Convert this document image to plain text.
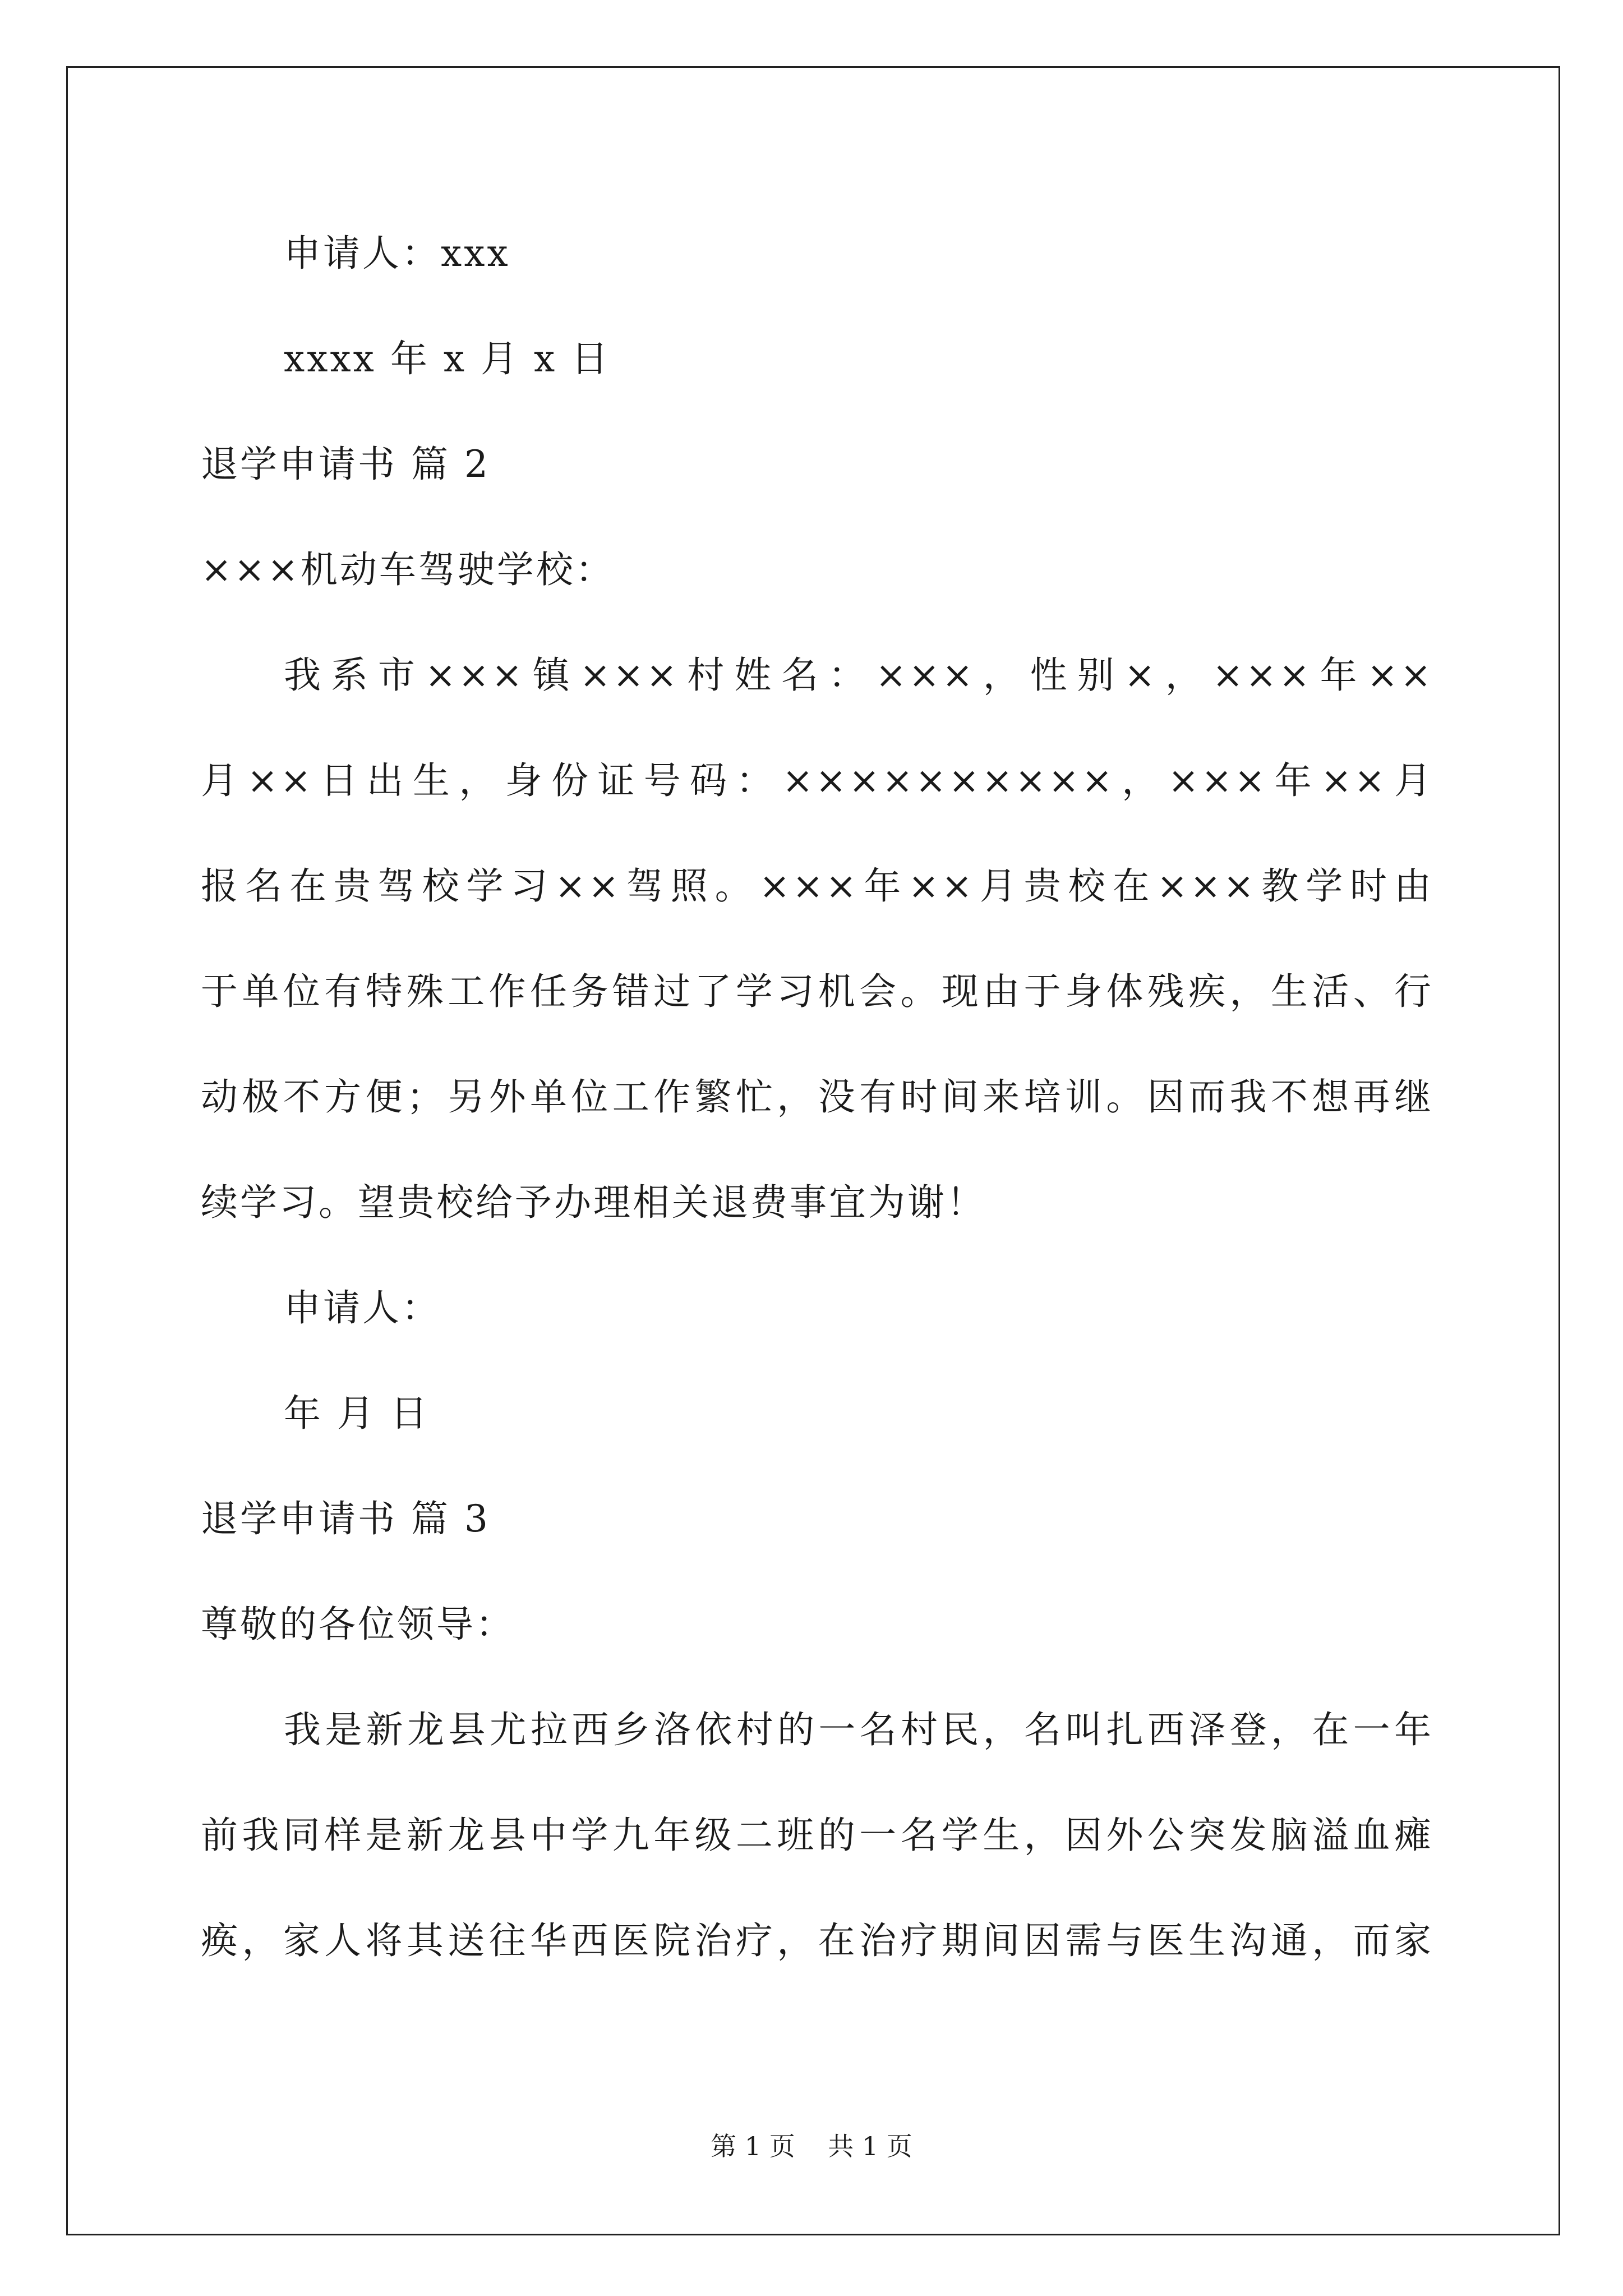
申请人：xxx
xxxx 年 x 月 x 日
退学申请书 篇 2
×××机动车驾驶学校：
我系市×××镇×××村姓名：×××，性别×，×××年××
月××日出生，身份证号码：××××××××××，×××年××月
报名在贵驾校学习××驾照。×××年××月贵校在×××教学时由
于单位有特殊工作任务错过了学习机会。现由于身体残疾，生活、行
动极不方便；另外单位工作繁忙，没有时间来培训。因而我不想再继
续学习。望贵校给予办理相关退费事宜为谢！
申请人：
年 月 日
退学申请书 篇 3
尊敬的各位领导：
我是新龙县尤拉西乡洛依村的一名村民，名叫扎西泽登，在一年
前我同样是新龙县中学九年级二班的一名学生，因外公突发脑溢血瘫
痪，家人将其送往华西医院治疗，在治疗期间因需与医生沟通，而家
第 1 页    共 1 页
